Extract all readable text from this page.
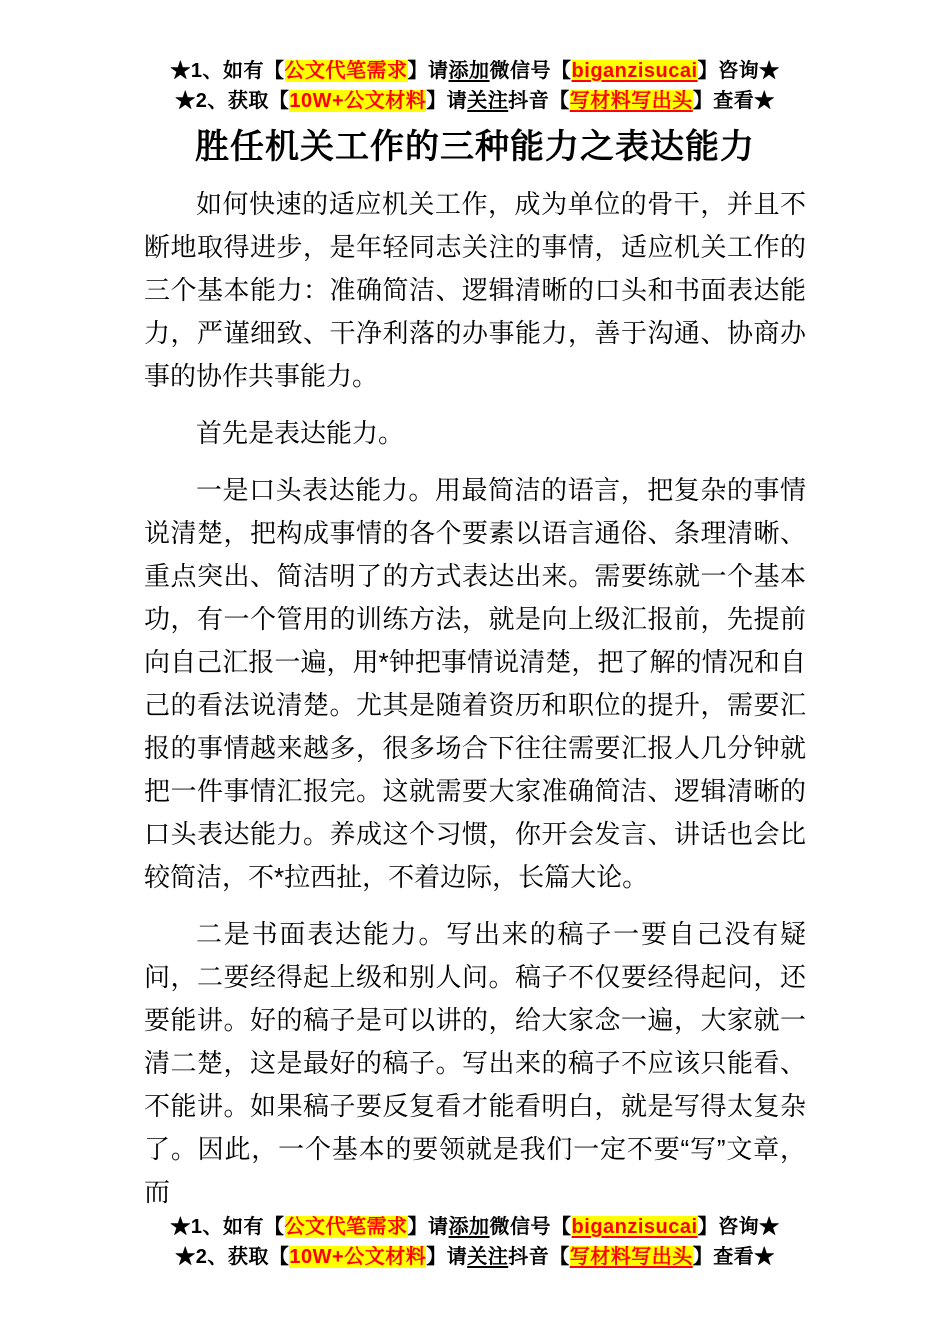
★1、如有【公文代笔需求】请添加微信号【biganzisucai】咨询★
★2、获取【10W+公文材料】请关注抖音【写材料写出头】查看★
胜任机关工作的三种能力之表达能力

如何快速的适应机关工作，成为单位的骨干，并且不断地取得进步，是年轻同志关注的事情，适应机关工作的三个基本能力：准确简洁、逻辑清晰的口头和书面表达能力，严谨细致、干净利落的办事能力，善于沟通、协商办事的协作共事能力。

首先是表达能力。

一是口头表达能力。用最简洁的语言，把复杂的事情说清楚，把构成事情的各个要素以语言通俗、条理清晰、重点突出、简洁明了的方式表达出来。需要练就一个基本功，有一个管用的训练方法，就是向上级汇报前，先提前向自己汇报一遍，用*钟把事情说清楚，把了解的情况和自己的看法说清楚。尤其是随着资历和职位的提升，需要汇报的事情越来越多，很多场合下往往需要汇报人几分钟就把一件事情汇报完。这就需要大家准确简洁、逻辑清晰的口头表达能力。养成这个习惯，你开会发言、讲话也会比较简洁，不*拉西扯，不着边际，长篇大论。

二是书面表达能力。写出来的稿子一要自己没有疑问，二要经得起上级和别人问。稿子不仅要经得起问，还要能讲。好的稿子是可以讲的，给大家念一遍，大家就一清二楚，这是最好的稿子。写出来的稿子不应该只能看、不能讲。如果稿子要反复看才能看明白，就是写得太复杂了。因此，一个基本的要领就是我们一定不要“写”文章，而

★1、如有【公文代笔需求】请添加微信号【biganzisucai】咨询★
★2、获取【10W+公文材料】请关注抖音【写材料写出头】查看★
